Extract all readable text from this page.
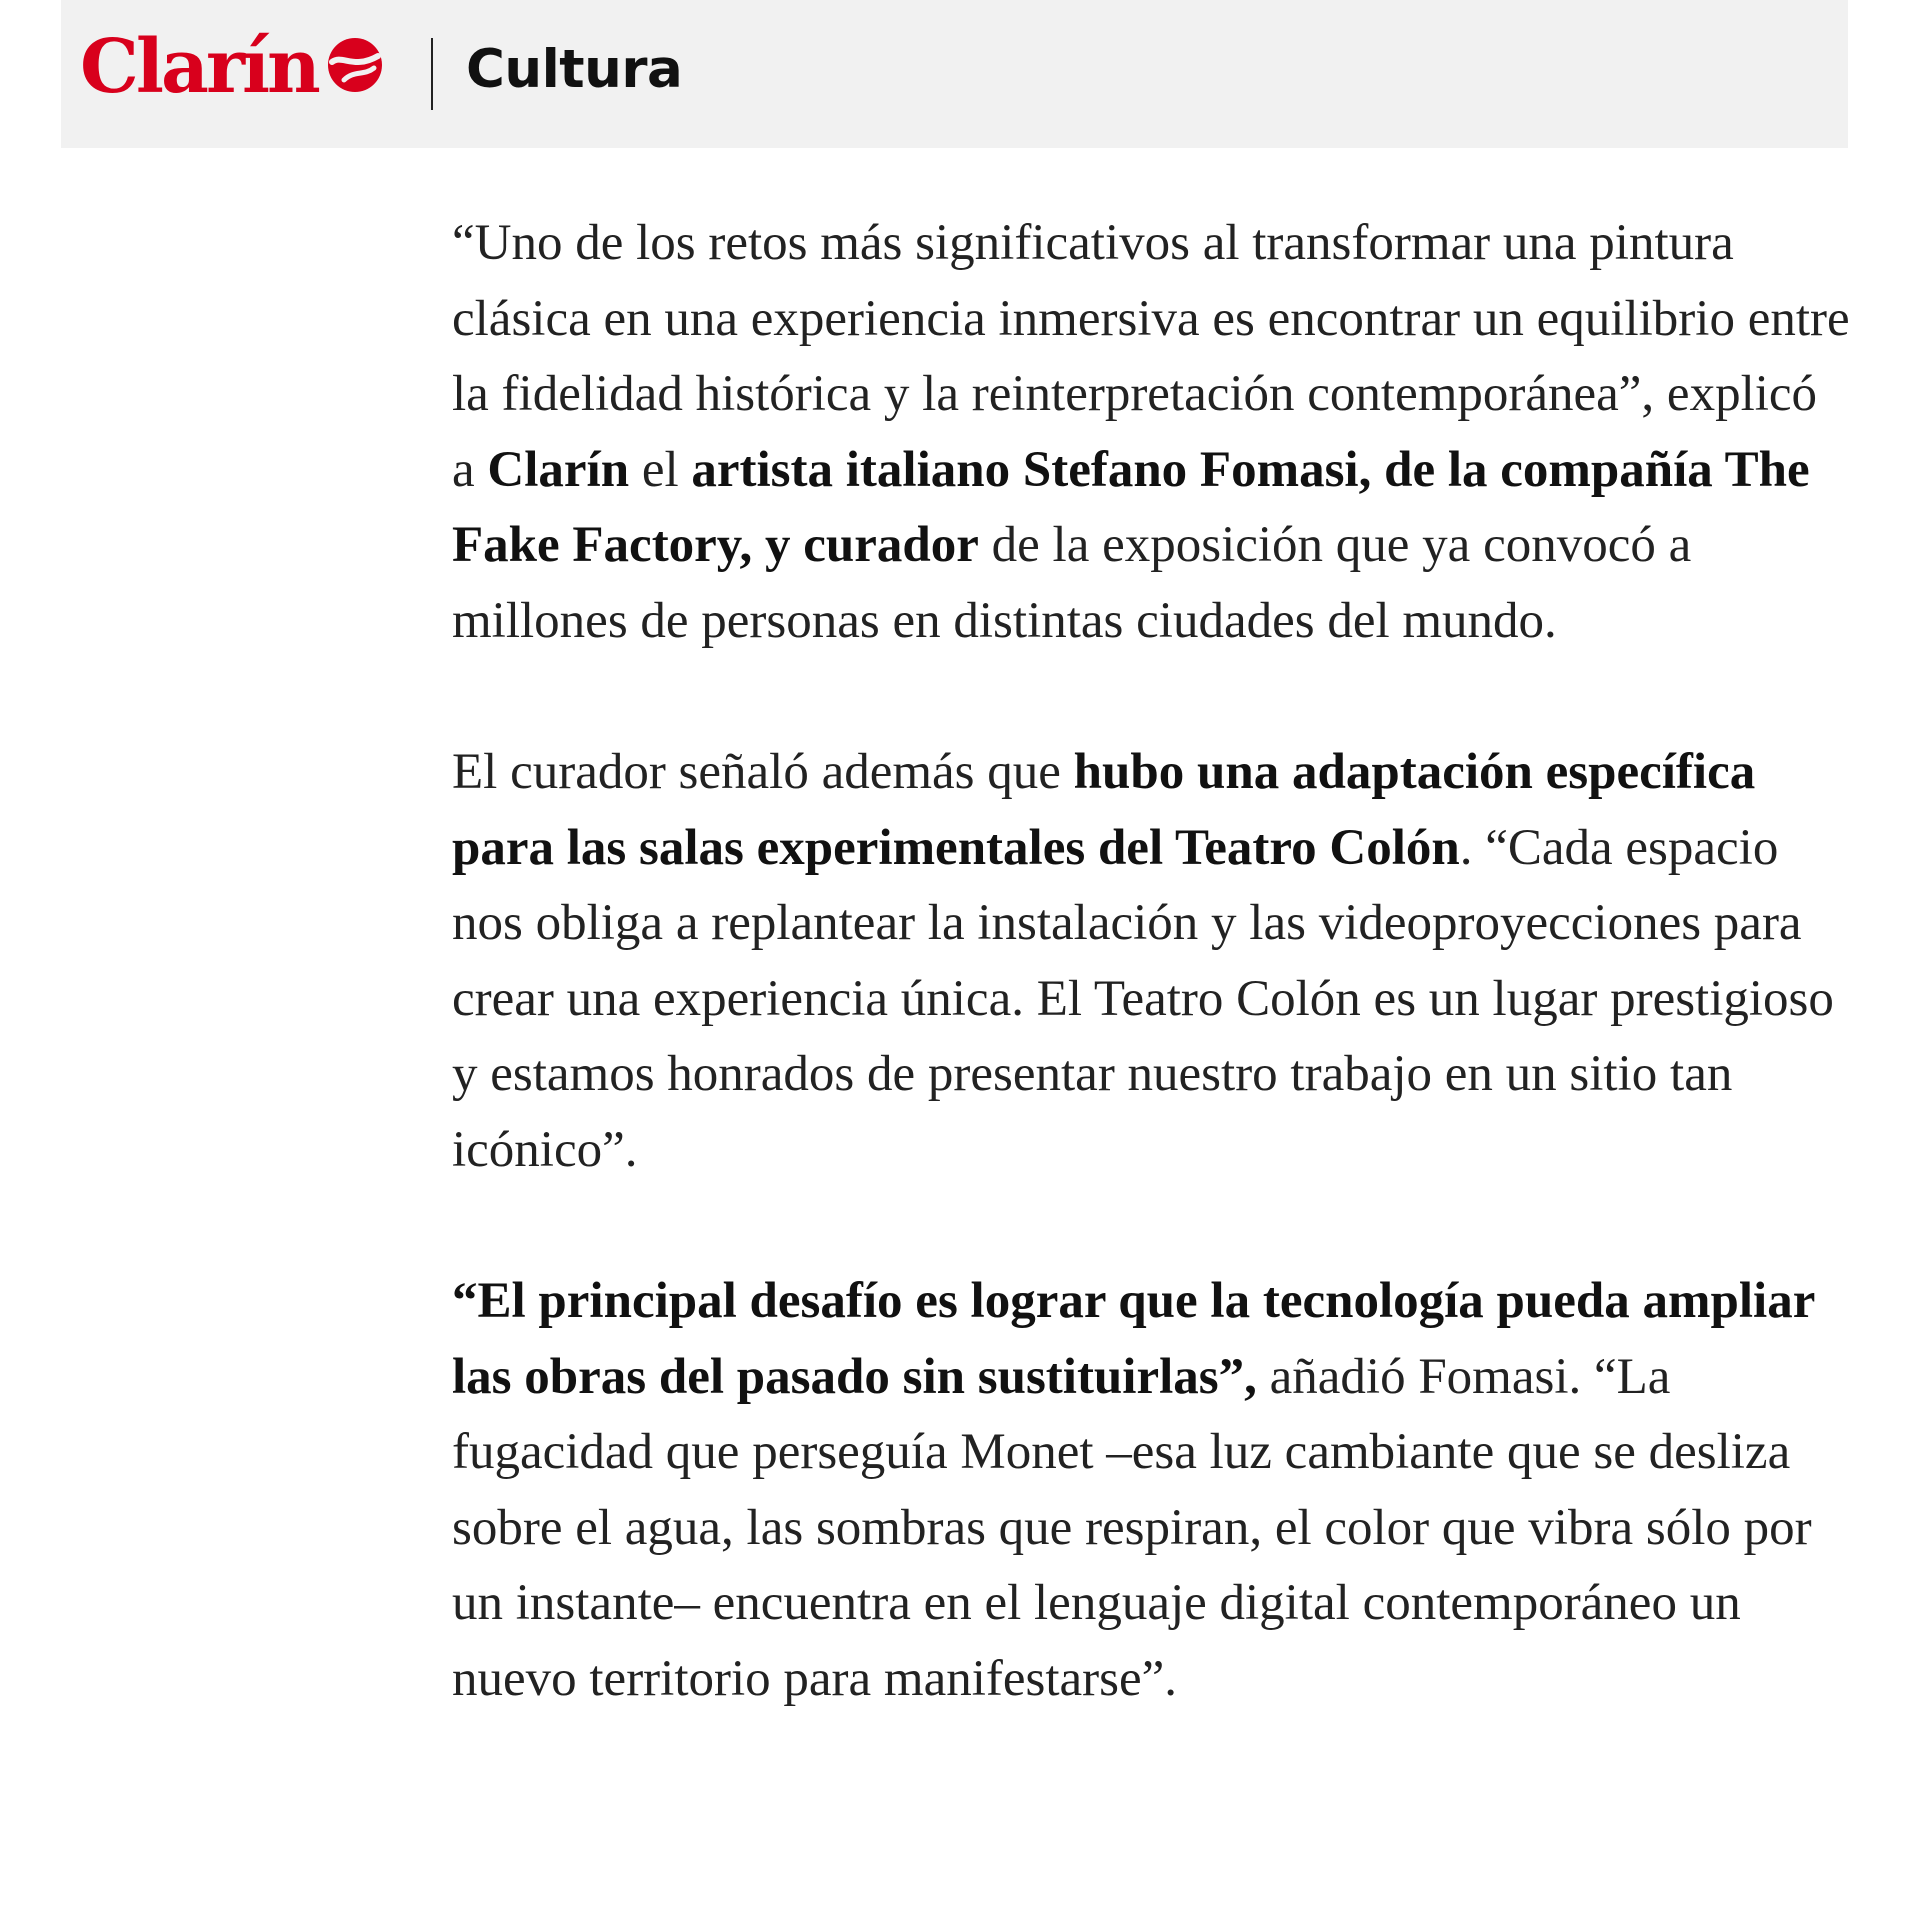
Clarín	Cultura

“Uno de los retos más significativos al transformar una pintura clásica en una experiencia inmersiva es encontrar un equilibrio entre la fidelidad histórica y la reinterpretación contemporánea”, explicó a Clarín el artista italiano Stefano Fomasi, de la compañía The Fake Factory, y curador de la exposición que ya convocó a millones de personas en distintas ciudades del mundo.

El curador señaló además que hubo una adaptación específica para las salas experimentales del Teatro Colón. “Cada espacio nos obliga a replantear la instalación y las videoproyecciones para crear una experiencia única. El Teatro Colón es un lugar prestigioso y estamos honrados de presentar nuestro trabajo en un sitio tan icónico”.

“El principal desafío es lograr que la tecnología pueda ampliar las obras del pasado sin sustituirlas”, añadió Fomasi. “La fugacidad que perseguía Monet –esa luz cambiante que se desliza sobre el agua, las sombras que respiran, el color que vibra sólo por un instante– encuentra en el lenguaje digital contemporáneo un nuevo territorio para manifestarse”.
